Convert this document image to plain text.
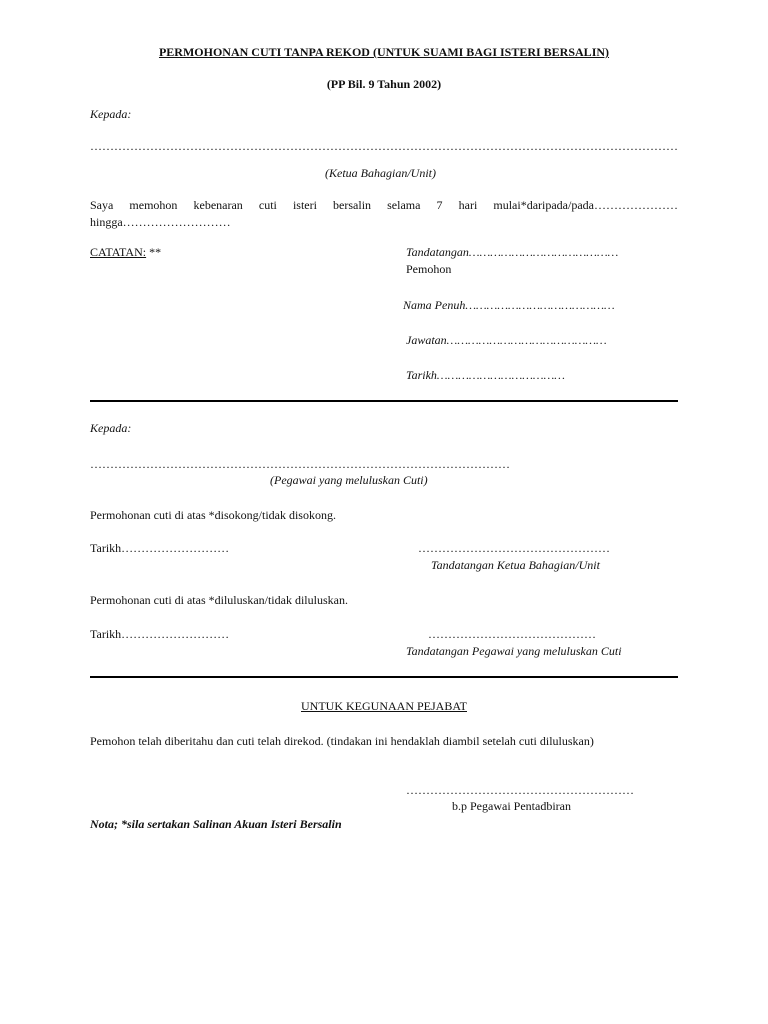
PERMOHONAN CUTI TANPA REKOD (UNTUK SUAMI BAGI ISTERI BERSALIN)
(PP Bil. 9 Tahun 2002)
Kepada:
…………………………………………………………………………………………………………………………………
(Ketua Bahagian/Unit)
Saya memohon kebenaran cuti isteri bersalin selama 7 hari mulai*daripada/pada…………………
hingga………………………
CATATAN: **	Tandatangan……………………………………
Pemohon
Nama Penuh……………………………………
Jawatan………………………………………
Tarikh………………………………
Kepada:
……………………………………………………………………………………………
(Pegawai yang meluluskan Cuti)
Permohonan cuti di atas *disokong/tidak disokong.
Tarikh………………………	…………………………………………
Tandatangan Ketua Bahagian/Unit
Permohonan cuti di atas *diluluskan/tidak diluluskan.
Tarikh………………………	……………………………………
Tandatangan Pegawai yang meluluskan Cuti
UNTUK KEGUNAAN PEJABAT
Pemohon telah diberitahu dan cuti telah direkod. (tindakan ini hendaklah diambil setelah cuti diluluskan)
…………………………………………………
b.p Pegawai Pentadbiran
Nota; *sila sertakan Salinan Akuan Isteri Bersalin
